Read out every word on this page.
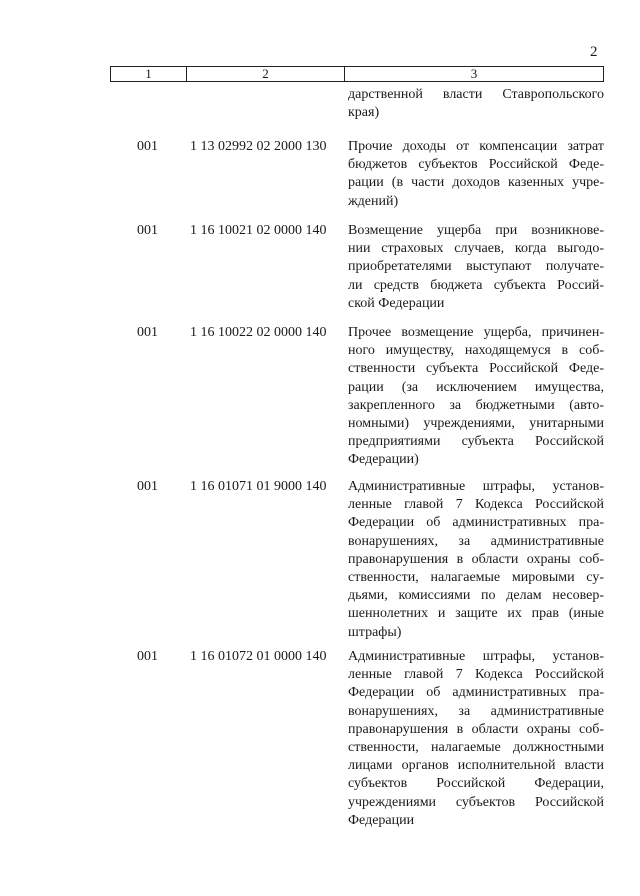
2
1	2	3
дарственной власти Ставропольского
края)
001 1 13 02992 02 2000 130 Прочие доходы от компенсации затрат
бюджетов субъектов Российской Феде-
рации (в части доходов казенных учре-
ждений)
001 1 16 10021 02 0000 140 Возмещение ущерба при возникнове-
нии страховых случаев, когда выгодо-
приобретателями выступают получате-
ли средств бюджета субъекта Россий-
ской Федерации
001 1 16 10022 02 0000 140 Прочее возмещение ущерба, причинен-
ного имуществу, находящемуся в соб-
ственности субъекта Российской Феде-
рации (за исключением имущества,
закрепленного за бюджетными (авто-
номными) учреждениями, унитарными
предприятиями субъекта Российской
Федерации)
001 1 16 01071 01 9000 140 Административные штрафы, установ-
ленные главой 7 Кодекса Российской
Федерации об административных пра-
вонарушениях, за административные
правонарушения в области охраны соб-
ственности, налагаемые мировыми су-
дьями, комиссиями по делам несовер-
шеннолетних и защите их прав (иные
штрафы)
001 1 16 01072 01 0000 140 Административные штрафы, установ-
ленные главой 7 Кодекса Российской
Федерации об административных пра-
вонарушениях, за административные
правонарушения в области охраны соб-
ственности, налагаемые должностными
лицами органов исполнительной власти
субъектов Российской Федерации,
учреждениями субъектов Российской
Федерации
